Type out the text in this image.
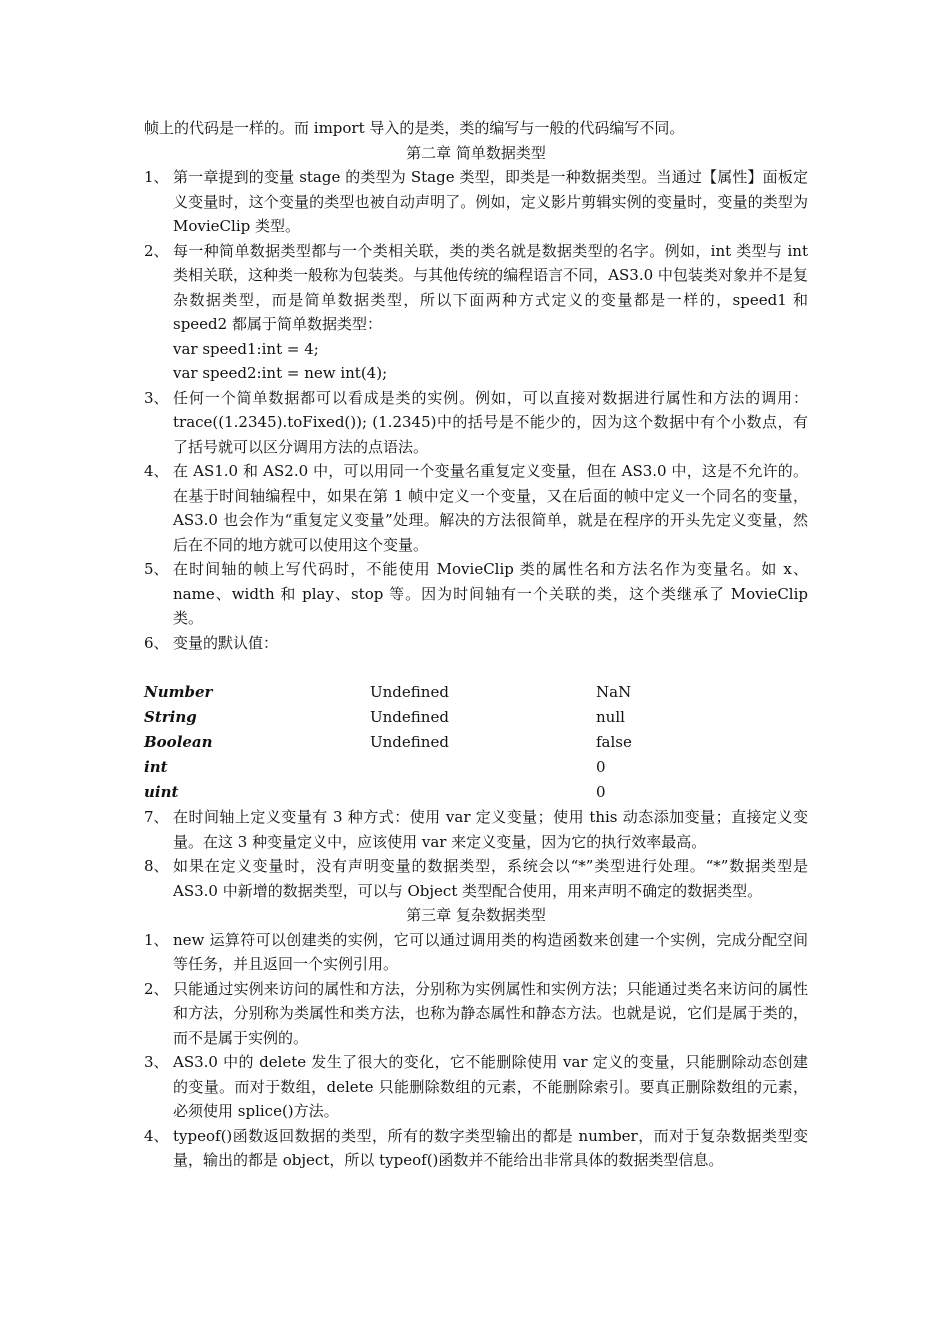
帧上的代码是一样的。而 import 导入的是类，类的编写与一般的代码编写不同。

第二章 简单数据类型

1、 第一章提到的变量 stage 的类型为 Stage 类型，即类是一种数据类型。当通过【属性】面板定义变量时，这个变量的类型也被自动声明了。例如，定义影片剪辑实例的变量时，变量的类型为 MovieClip 类型。
2、 每一种简单数据类型都与一个类相关联，类的类名就是数据类型的名字。例如，int 类型与 int 类相关联，这种类一般称为包装类。与其他传统的编程语言不同，AS3.0 中包装类对象并不是复杂数据类型，而是简单数据类型，所以下面两种方式定义的变量都是一样的，speed1 和 speed2 都属于简单数据类型：

var speed1:int = 4;

var speed2:int = new int(4);

3、 任何一个简单数据都可以看成是类的实例。例如，可以直接对数据进行属性和方法的调用：trace((1.2345).toFixed()); (1.2345)中的括号是不能少的，因为这个数据中有个小数点，有了括号就可以区分调用方法的点语法。
4、 在 AS1.0 和 AS2.0 中，可以用同一个变量名重复定义变量，但在 AS3.0 中，这是不允许的。在基于时间轴编程中，如果在第 1 帧中定义一个变量，又在后面的帧中定义一个同名的变量，AS3.0 也会作为“重复定义变量”处理。解决的方法很简单，就是在程序的开头先定义变量，然后在不同的地方就可以使用这个变量。
5、 在时间轴的帧上写代码时，不能使用 MovieClip 类的属性名和方法名作为变量名。如 x、name、width 和 play、stop 等。因为时间轴有一个关联的类，这个类继承了 MovieClip 类。
6、 变量的默认值：
Number	Undefined	NaN
String	Undefined	null
Boolean	Undefined	false
int		0
uint		0
7、 在时间轴上定义变量有 3 种方式：使用 var 定义变量；使用 this 动态添加变量；直接定义变量。在这 3 种变量定义中，应该使用 var 来定义变量，因为它的执行效率最高。
8、 如果在定义变量时，没有声明变量的数据类型，系统会以“*”类型进行处理。“*”数据类型是 AS3.0 中新增的数据类型，可以与 Object 类型配合使用，用来声明不确定的数据类型。

第三章 复杂数据类型

1、 new 运算符可以创建类的实例，它可以通过调用类的构造函数来创建一个实例，完成分配空间等任务，并且返回一个实例引用。
2、 只能通过实例来访问的属性和方法，分别称为实例属性和实例方法；只能通过类名来访问的属性和方法，分别称为类属性和类方法，也称为静态属性和静态方法。也就是说，它们是属于类的，而不是属于实例的。
3、 AS3.0 中的 delete 发生了很大的变化，它不能删除使用 var 定义的变量，只能删除动态创建的变量。而对于数组，delete 只能删除数组的元素，不能删除索引。要真正删除数组的元素，必须使用 splice()方法。
4、 typeof()函数返回数据的类型，所有的数字类型输出的都是 number，而对于复杂数据类型变量，输出的都是 object，所以 typeof()函数并不能给出非常具体的数据类型信息。
